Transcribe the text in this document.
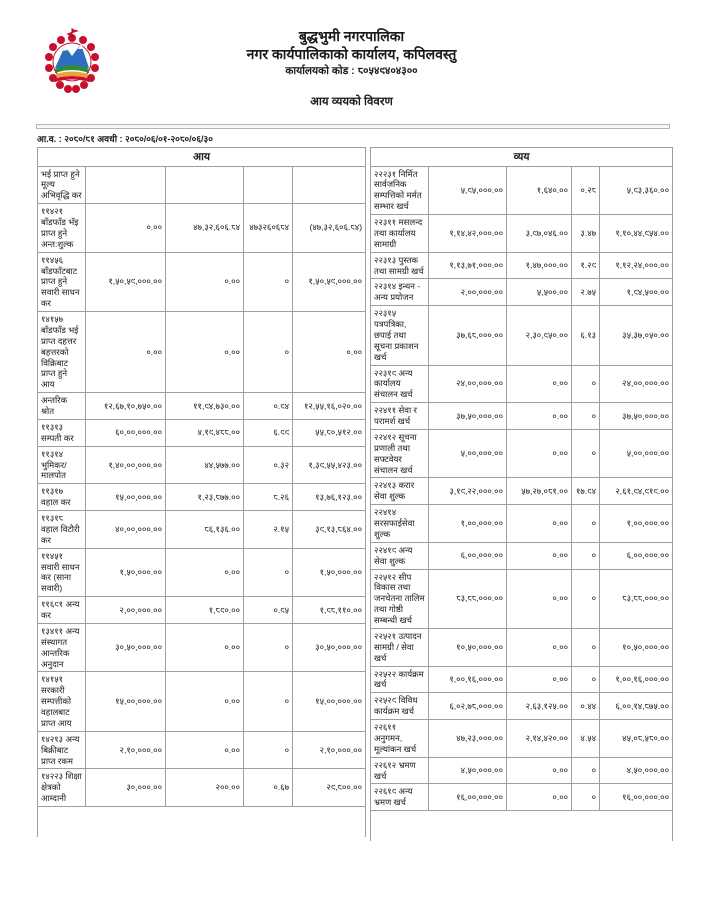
बुद्धभुमी नगरपालिका
नगर कार्यपालिकाको कार्यालय, कपिलवस्तु
कार्यालयको कोड : ८०५४९४०४३००
आय व्ययको विवरण
आ.व. : २०८०/८१ अवधी : २०८०/०६/०१-२०८०/०६/३०
आय				
भई प्राप्त हुने मूल्य अभिवृद्धि कर				
११४२१ बाँडफाँड भॅइ प्राप्त हुने अन्त:शुल्क	०.००	४७,३२,६०६.८४	४७३२६०६८४	(४७,३२,६०६.८४)
११४५६ बाँडफाँटबाट प्राप्त हुने सवारी साधन कर	१,५०,५९,०००.००	०.००	०	१,५०,५९,०००.००
१४१५७ बाँडफाँड भई प्राप्त दहत्तर बहत्तरको विक्रिबाट प्राप्त हुने आय	०.००	०.००	०	०.००
अन्तरिक श्रोत	१२,६७,१०,७५०.००	११,९४,७३०.००	०.९४	१२,५५,१६,०२०.००
११३१३ सम्पती कर	६०,००,०००.००	४,१९,४८८.००	६.९९	५५,८०,५१२.००
११३१४ भुमिकर/मालपोत	१,४०,००,०००.००	४४,५७७.००	०.३२	१,३९,५५,४२३.००
११३१७ वहाल कर	१५,००,०००.००	१,२३,८७७.००	८.२६	१३,७६,१२३.००
११३१८ वहाल विटौरी कर	४०,००,०००.००	८६,१३६.००	२.१५	३९,१३,८६४.००
११४५१ सवारी साधन कर (साना सवारी)	१,५०,०००.००	०.००	०	१,५०,०००.००
११६९१ अन्य कर	२,००,०००.००	१,८९०.००	०.९५	१,९८,११०.००
१३४११ अन्य संस्थागत आन्तरिक अनुदान	३०,५०,०००.००	०.००	०	३०,५०,०००.००
१४१५१ सरकारी सम्पत्तीको वहालबाट प्राप्त आय	१५,००,०००.००	०.००	०	१५,००,०००.००
१४२१३ अन्य बिक्रीबाट प्राप्त रकम	२,१०,०००.००	०.००	०	२,१०,०००.००
१४२२३ शिक्षा क्षेत्रको आम्दानी	३०,०००.००	२००.००	०.६७	२९,८००.००
व्यय				
२२२३१ निर्मित सार्वजनिक सम्पत्तिको मर्मत सम्भार खर्च	५,९५,०००.००	१,६४०.००	०.२८	५,९३,३६०.००
२२३११ मसलन्द तथा कार्यालय सामाग्री	१,१४,४२,०००.००	३,९७,०४६.००	३.४७	१,१०,४४,९५४.००
२२३१३ पुस्तक तथा सामग्री खर्च	१,१३,७१,०००.००	१,४७,०००.००	१.२९	१,१२,२४,०००.००
२२३१४ इन्धन - अन्य प्रयोजन	२,००,०००.००	५,५००.००	२.७५	१,९४,५००.००
२२३१५ पत्रपत्रिका, छपाई तथा सूचना प्रकाशन खर्च	३७,६८,०००.००	२,३०,९५०.००	६.१३	३५,३७,०५०.००
२२३१९ अन्य कार्यालय संचालन खर्च	२४,००,०००.००	०.००	०	२४,००,०००.००
२२४११ सेवा र परामर्श खर्च	३७,५०,०००.००	०.००	०	३७,५०,०००.००
२२४१२ सूचना प्रणाली तथा सफ्टवेयर संचालन खर्च	५,००,०००.००	०.००	०	५,००,०००.००
२२४१३ करार सेवा शुल्क	३,१९,२२,०००.००	५७,२७,०८१.००	१७.९४	२,६१,९४,९१९.००
२२४१४ सरसफाईसेवा शुल्क	१,००,०००.००	०.००	०	१,००,०००.००
२२४१९ अन्य सेवा शुल्क	६,००,०००.००	०.००	०	६,००,०००.००
२२५१२ सीप विकास तथा जनचेतना तालिम तथा गोष्ठी सम्बन्धी खर्च	८३,८८,०००.००	०.००	०	८३,८८,०००.००
२२५२१ उत्पादन सामग्री / सेवा खर्च	१०,५०,०००.००	०.००	०	१०,५०,०००.००
२२५२२ कार्यक्रम खर्च	१,००,१६,०००.००	०.००	०	१,००,१६,०००.००
२२५२९ विविध कार्यक्रम खर्च	६,०२,७८,०००.००	२,६३,१२५.००	०.४४	६,००,१४,८७५.००
२२६११ अनुगमन, मूल्यांकन खर्च	४७,२३,०००.००	२,१४,४२०.००	४.५४	४५,०८,५८०.००
२२६१२ भ्रमण खर्च	४,५०,०००.००	०.००	०	४,५०,०००.००
२२६१९ अन्य भ्रमण खर्च	१६,००,०००.००	०.००	०	१६,००,०००.००
